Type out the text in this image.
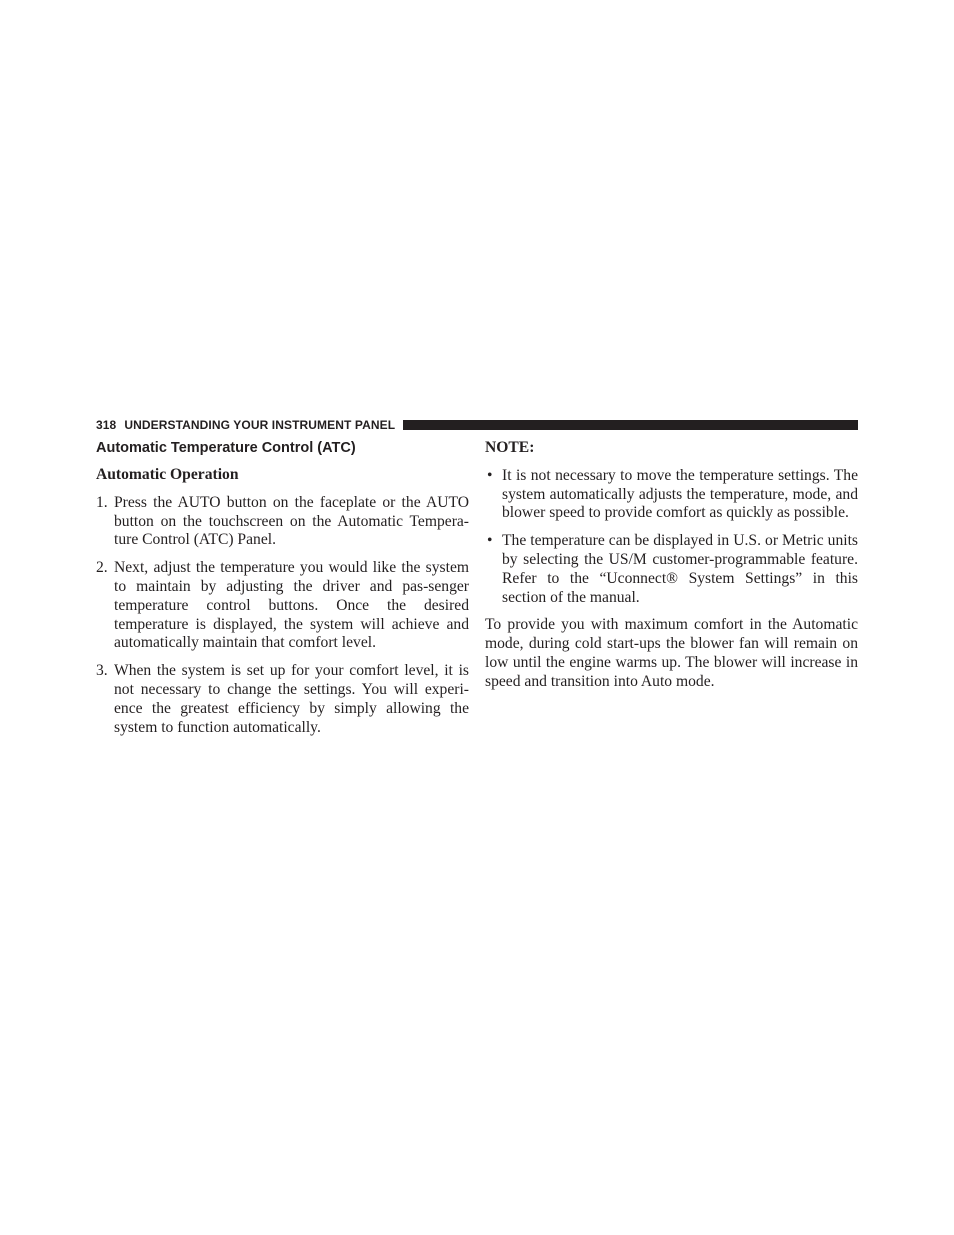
318 UNDERSTANDING YOUR INSTRUMENT PANEL
Automatic Temperature Control (ATC)
Automatic Operation
1. Press the AUTO button on the faceplate or the AUTO button on the touchscreen on the Automatic Tempera-ture Control (ATC) Panel.
2. Next, adjust the temperature you would like the system to maintain by adjusting the driver and pas-senger temperature control buttons. Once the desired temperature is displayed, the system will achieve and automatically maintain that comfort level.
3. When the system is set up for your comfort level, it is not necessary to change the settings. You will experi-ence the greatest efficiency by simply allowing the system to function automatically.
NOTE:
• It is not necessary to move the temperature settings. The system automatically adjusts the temperature, mode, and blower speed to provide comfort as quickly as possible.
• The temperature can be displayed in U.S. or Metric units by selecting the US/M customer-programmable feature. Refer to the “Uconnect® System Settings” in this section of the manual.

To provide you with maximum comfort in the Automatic mode, during cold start-ups the blower fan will remain on low until the engine warms up. The blower will increase in speed and transition into Auto mode.
